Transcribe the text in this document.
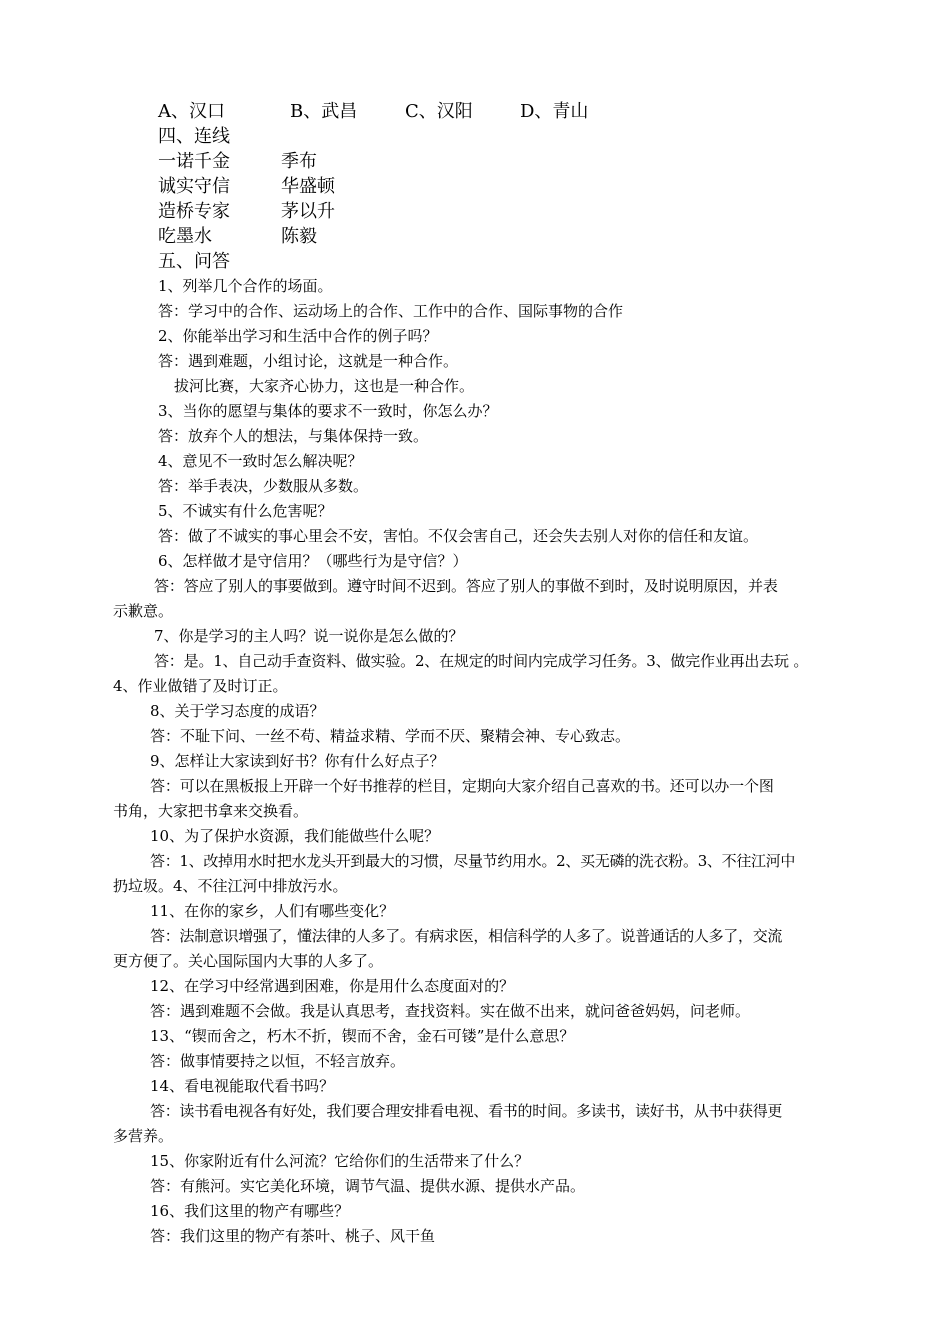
A、汉口	B、武昌	C、汉阳	D、青山
四、连线
一诺千金	季布
诚实守信	华盛顿
造桥专家	茅以升
吃墨水	陈毅
五、问答
1、列举几个合作的场面。
答：学习中的合作、运动场上的合作、工作中的合作、国际事物的合作
2、你能举出学习和生活中合作的例子吗？
答：遇到难题，小组讨论，这就是一种合作。
拔河比赛，大家齐心协力，这也是一种合作。
3、当你的愿望与集体的要求不一致时，你怎么办？
答：放弃个人的想法，与集体保持一致。
4、意见不一致时怎么解决呢？
答：举手表决，少数服从多数。
5、不诚实有什么危害呢？
答：做了不诚实的事心里会不安，害怕。不仅会害自己，还会失去别人对你的信任和友谊。
6、怎样做才是守信用？（哪些行为是守信？）
答：答应了别人的事要做到。遵守时间不迟到。答应了别人的事做不到时，及时说明原因，并表
示歉意。
7、你是学习的主人吗？说一说你是怎么做的？
答：是。1、自己动手查资料、做实验。2、在规定的时间内完成学习任务。3、做完作业再出去玩 。
4、作业做错了及时订正。
8、关于学习态度的成语？
答：不耻下问、一丝不苟、精益求精、学而不厌、聚精会神、专心致志。
9、怎样让大家读到好书？你有什么好点子？
答：可以在黑板报上开辟一个好书推荐的栏目，定期向大家介绍自己喜欢的书。还可以办一个图
书角，大家把书拿来交换看。
10、为了保护水资源，我们能做些什么呢？
答：1、改掉用水时把水龙头开到最大的习惯，尽量节约用水。2、买无磷的洗衣粉。3、不往江河中
扔垃圾。4、不往江河中排放污水。
11、在你的家乡，人们有哪些变化？
答：法制意识增强了，懂法律的人多了。有病求医，相信科学的人多了。说普通话的人多了，交流
更方便了。关心国际国内大事的人多了。
12、在学习中经常遇到困难，你是用什么态度面对的？
答：遇到难题不会做。我是认真思考，查找资料。实在做不出来，就问爸爸妈妈，问老师。
13、“锲而舍之，朽木不折，锲而不舍，金石可镂”是什么意思？
答：做事情要持之以恒，不轻言放弃。
14、看电视能取代看书吗？
答：读书看电视各有好处，我们要合理安排看电视、看书的时间。多读书，读好书，从书中获得更
多营养。
15、你家附近有什么河流？它给你们的生活带来了什么？
答：有熊河。实它美化环境，调节气温、提供水源、提供水产品。
16、我们这里的物产有哪些？
答：我们这里的物产有茶叶、桃子、风干鱼
